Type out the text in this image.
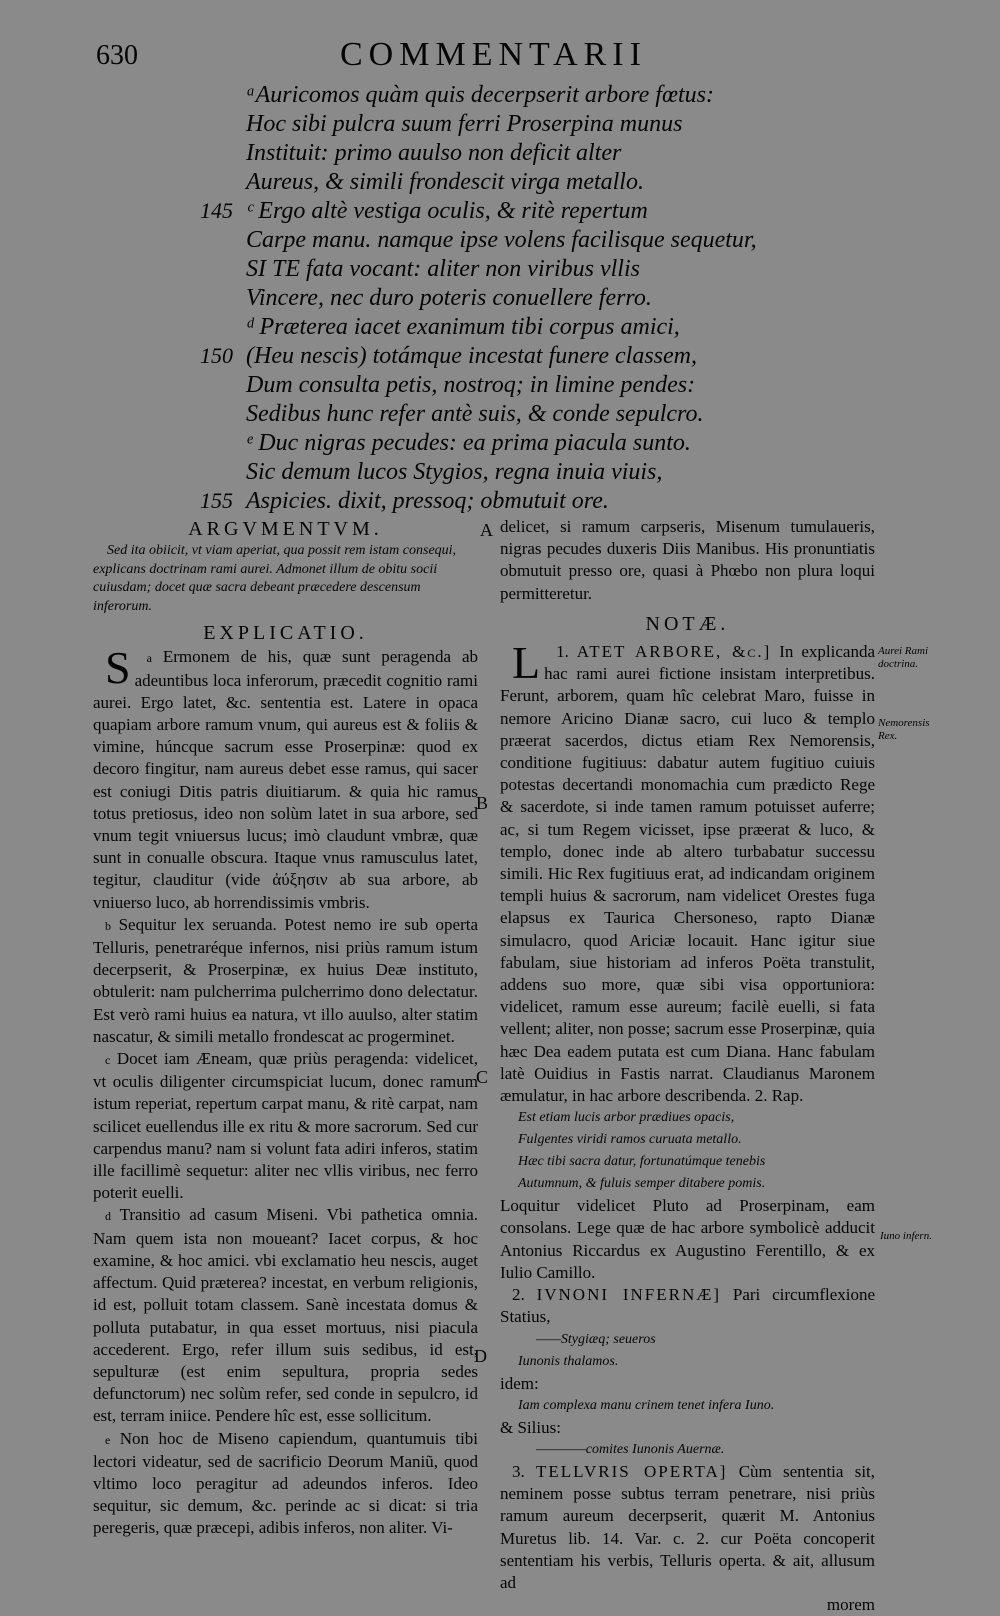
630	COMMENTARII
ᵃAuricomos quàm quis decerpserit arbore fœtus:
Hoc sibi pulcra suum ferri Proserpina munus
Instituit: primo auulso non deficit alter
Aureus, & simili frondescit virga metallo.
145 ᶜ Ergo altè vestiga oculis, & ritè repertum
Carpe manu. namque ipse volens facilisque sequetur,
SI TE fata vocant: aliter non viribus vllis
Vincere, nec duro poteris conuellere ferro.
ᵈ Præterea iacet exanimum tibi corpus amici,
150 (Heu nescis) totámque incestat funere classem,
Dum consulta petis, nostroq; in limine pendes:
Sedibus hunc refer antè suis, & conde sepulcro.
ᵉ Duc nigras pecudes: ea prima piacula sunto.
Sic demum lucos Stygios, regna inuia viuis,
155 Aspicies. dixit, pressoq; obmutuit ore.
A
B
C
D
Aurei Rami doctrina.
Nemorensis Rex.
Iuno infern.
ARGVMENTVM.
Sed ita obiicit, vt viam aperiat, qua possit rem istam consequi, explicans doctrinam rami aurei. Admonet illum de obitu socii cuiusdam; docet quæ sacra debeant præcedere descensum inferorum.
EXPLICATIO.
a
S Ermonem de his, quæ sunt peragenda ab adeuntibus loca inferorum, præcedit cognitio rami aurei. Ergo latet, &c. sententia est. Latere in opaca quapiam arbore ramum vnum, qui aureus est & foliis & vimine, húncque sacrum esse Proserpinæ: quod ex decoro fingitur, nam aureus debet esse ramus, qui sacer est coniugi Ditis patris diuitiarum. & quia hic ramus totus pretiosus, ideo non solùm latet in sua arbore, sed vnum tegit vniuersus lucus; imò claudunt vmbræ, quæ sunt in conualle obscura. Itaque vnus ramusculus latet, tegitur, clauditur (vide ἀύξησιν ab sua arbore, ab vniuerso luco, ab horrendissimis vmbris.
b Sequitur lex seruanda. Potest nemo ire sub operta Telluris, penetraréque infernos, nisi priùs ramum istum decerpserit, & Proserpinæ, ex huius Deæ instituto, obtulerit: nam pulcherrima pulcherrimo dono delectatur. Est verò rami huius ea natura, vt illo auulso, alter statim nascatur, & simili metallo frondescat ac progerminet.
c Docet iam Æneam, quæ priùs peragenda: videlicet, vt oculis diligenter circumspiciat lucum, donec ramum istum reperiat, repertum carpat manu, & ritè carpat, nam scilicet euellendus ille ex ritu & more sacrorum. Sed cur carpendus manu? nam si volunt fata adiri inferos, statim ille facillimè sequetur: aliter nec vllis viribus, nec ferro poterit euelli.
d Transitio ad casum Miseni. Vbi pathetica omnia. Nam quem ista non moueant? Iacet corpus, & hoc examine, & hoc amici. vbi exclamatio heu nescis, auget affectum. Quid præterea? incestat, en verbum religionis, id est, polluit totam classem. Sanè incestata domus & polluta putabatur, in qua esset mortuus, nisi piacula accederent. Ergo, refer illum suis sedibus, id est, sepulturæ (est enim sepultura, propria sedes defunctorum) nec solùm refer, sed conde in sepulcro, id est, terram iniice. Pendere hîc est, esse sollicitum.
e Non hoc de Miseno capiendum, quantumuis tibi lectori videatur, sed de sacrificio Deorum Maniũ, quod vltimo loco peragitur ad adeundos inferos. Ideo sequitur, sic demum, &c. perinde ac si dicat: si tria peregeris, quæ præcepi, adibis inferos, non aliter. Vi-
delicet, si ramum carpseris, Misenum tumulaueris, nigras pecudes duxeris Diis Manibus. His pronuntiatis obmutuit presso ore, quasi à Phœbo non plura loqui permitteretur.
NOTÆ.
1.
L ATET ARBORE, &c.] In explicanda hac rami aurei fictione insistam interpretibus. Ferunt, arborem, quam hîc celebrat Maro, fuisse in nemore Aricino Dianæ sacro, cui luco & templo præerat sacerdos, dictus etiam Rex Nemorensis, conditione fugitiuus: dabatur autem fugitiuo cuiuis potestas decertandi monomachia cum prædicto Rege & sacerdote, si inde tamen ramum potuisset auferre; ac, si tum Regem vicisset, ipse præerat & luco, & templo, donec inde ab altero turbabatur successu simili. Hic Rex fugitiuus erat, ad indicandam originem templi huius & sacrorum, nam videlicet Orestes fuga elapsus ex Taurica Chersoneso, rapto Dianæ simulacro, quod Ariciæ locauit. Hanc igitur siue fabulam, siue historiam ad inferos Poëta transtulit, addens suo more, quæ sibi visa opportuniora: videlicet, ramum esse aureum; facilè euelli, si fata vellent; aliter, non posse; sacrum esse Proserpinæ, quia hæc Dea eadem putata est cum Diana. Hanc fabulam latè Ouidius in Fastis narrat. Claudianus Maronem æmulatur, in hac arbore describenda. 2. Rap.
Est etiam lucis arbor prædiues opacis,
Fulgentes viridi ramos curuata metallo.
Hæc tibi sacra datur, fortunatúmque tenebis
Autumnum, & fuluis semper ditabere pomis.
Loquitur videlicet Pluto ad Proserpinam, eam consolans. Lege quæ de hac arbore symbolicè adducit Antonius Riccardus ex Augustino Ferentillo, & ex Iulio Camillo.
2. IVNONI INFERNÆ] Pari circumflexione Statius,
——Stygiæq; seueros
Iunonis thalamos.
idem:
Iam complexa manu crinem tenet infera Iuno.
& Silius:
————comites Iunonis Auernæ.
3. TELLVRIS OPERTA] Cùm sententia sit, neminem posse subtus terram penetrare, nisi priùs ramum aureum decerpserit, quærit M. Antonius Muretus lib. 14. Var. c. 2. cur Poëta concoperit sententiam his verbis, Telluris operta. & ait, allusum ad
morem
